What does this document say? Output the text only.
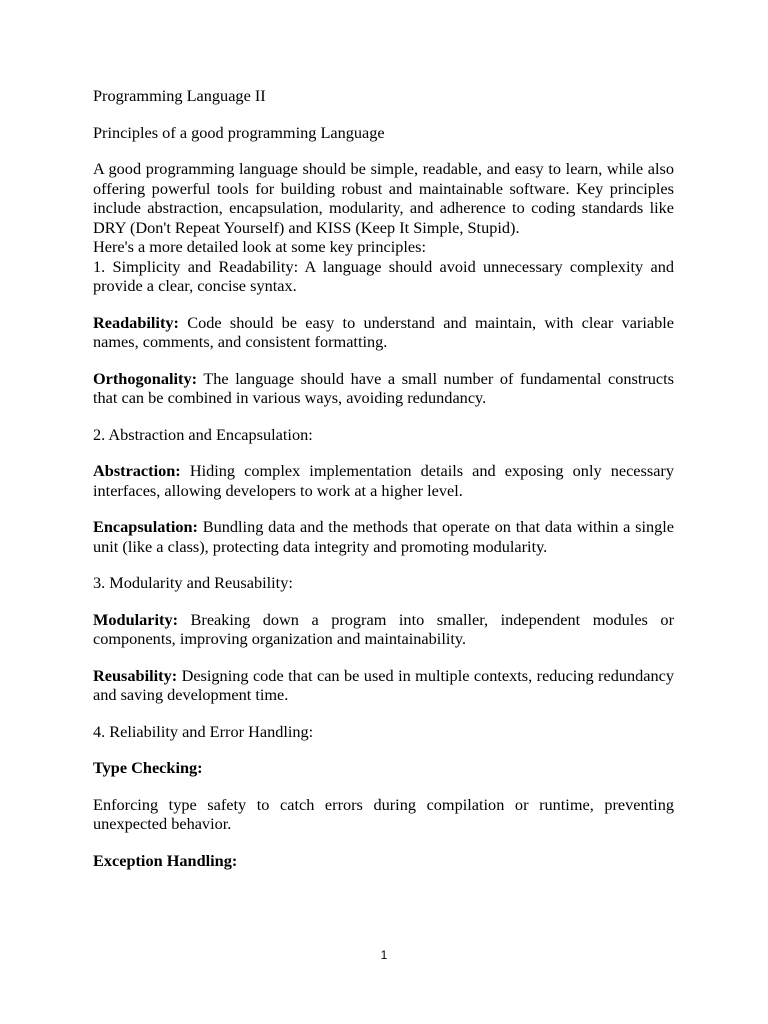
Programming Language II

Principles of a good programming Language

A good programming language should be simple, readable, and easy to learn, while also offering powerful tools for building robust and maintainable software. Key principles include abstraction, encapsulation, modularity, and adherence to coding standards like DRY (Don't Repeat Yourself) and KISS (Keep It Simple, Stupid).

Here's a more detailed look at some key principles:

1. Simplicity and Readability: A language should avoid unnecessary complexity and provide a clear, concise syntax.

Readability: Code should be easy to understand and maintain, with clear variable names, comments, and consistent formatting.

Orthogonality: The language should have a small number of fundamental constructs that can be combined in various ways, avoiding redundancy.

2. Abstraction and Encapsulation:

Abstraction: Hiding complex implementation details and exposing only necessary interfaces, allowing developers to work at a higher level.

Encapsulation: Bundling data and the methods that operate on that data within a single unit (like a class), protecting data integrity and promoting modularity.

3. Modularity and Reusability:

Modularity: Breaking down a program into smaller, independent modules or components, improving organization and maintainability.

Reusability: Designing code that can be used in multiple contexts, reducing redundancy and saving development time.

4. Reliability and Error Handling:

Type Checking:

Enforcing type safety to catch errors during compilation or runtime, preventing unexpected behavior.

Exception Handling:

1
